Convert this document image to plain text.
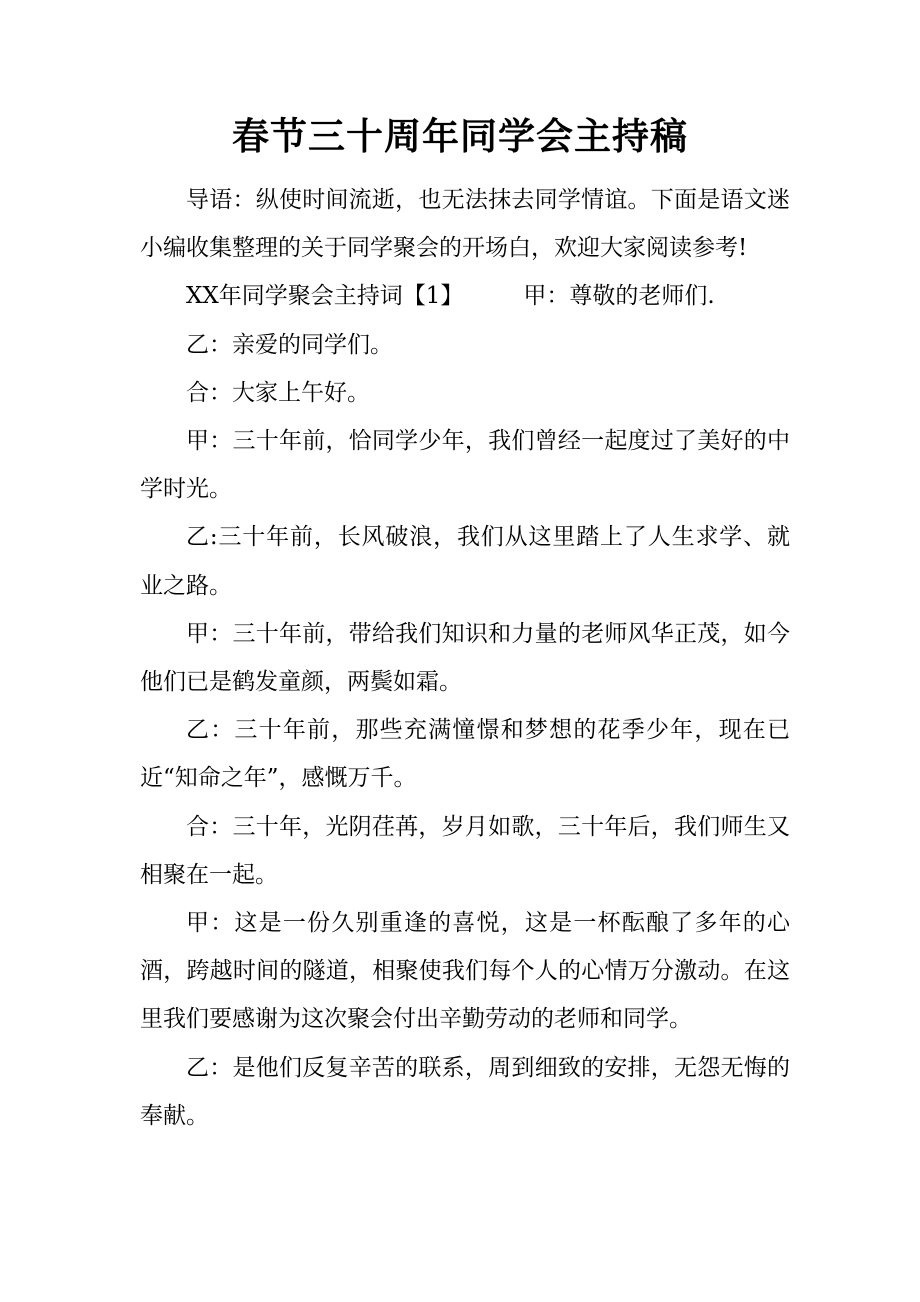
春节三十周年同学会主持稿

导语：纵使时间流逝，也无法抹去同学情谊。下面是语文迷小编收集整理的关于同学聚会的开场白，欢迎大家阅读参考!

XX年同学聚会主持词【1】	甲：尊敬的老师们.

乙：亲爱的同学们。

合：大家上午好。

甲：三十年前，恰同学少年，我们曾经一起度过了美好的中学时光。

乙:三十年前，长风破浪，我们从这里踏上了人生求学、就业之路。

甲：三十年前，带给我们知识和力量的老师风华正茂，如今他们已是鹤发童颜，两鬓如霜。

乙：三十年前，那些充满憧憬和梦想的花季少年，现在已近“知命之年”，感慨万千。

合：三十年，光阴荏苒，岁月如歌，三十年后，我们师生又相聚在一起。

甲：这是一份久别重逢的喜悦，这是一杯酝酿了多年的心酒，跨越时间的隧道，相聚使我们每个人的心情万分激动。在这里我们要感谢为这次聚会付出辛勤劳动的老师和同学。

乙：是他们反复辛苦的联系，周到细致的安排，无怨无悔的奉献。
